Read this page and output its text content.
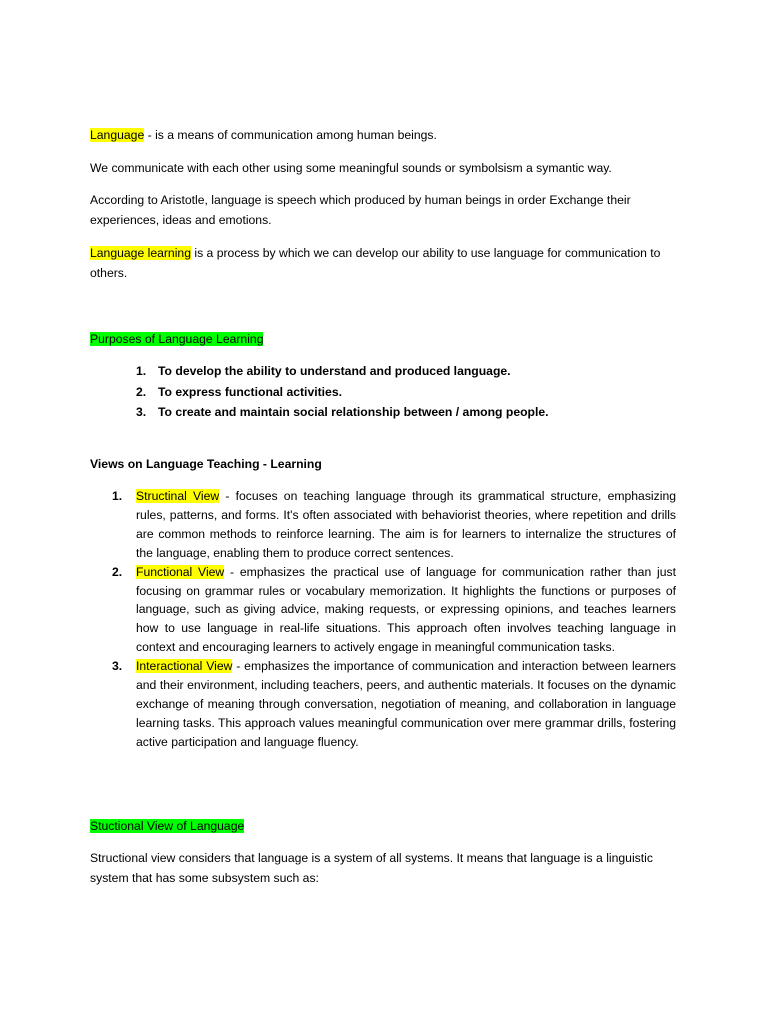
Language - is a means of communication among human beings.

We communicate with each other using some meaningful sounds or symbolsism a symantic way.

According to Aristotle, language is speech which produced by human beings in order Exchange their experiences, ideas and emotions.

Language learning is a process by which we can develop our ability to use language for communication to others.

Purposes of Language Learning

1. To develop the ability to understand and produced language.
2. To express functional activities.
3. To create and maintain social relationship between / among people.

Views on Language Teaching - Learning

1. Structinal View - focuses on teaching language through its grammatical structure, emphasizing rules, patterns, and forms. It's often associated with behaviorist theories, where repetition and drills are common methods to reinforce learning. The aim is for learners to internalize the structures of the language, enabling them to produce correct sentences.
2. Functional View - emphasizes the practical use of language for communication rather than just focusing on grammar rules or vocabulary memorization. It highlights the functions or purposes of language, such as giving advice, making requests, or expressing opinions, and teaches learners how to use language in real-life situations. This approach often involves teaching language in context and encouraging learners to actively engage in meaningful communication tasks.
3. Interactional View - emphasizes the importance of communication and interaction between learners and their environment, including teachers, peers, and authentic materials. It focuses on the dynamic exchange of meaning through conversation, negotiation of meaning, and collaboration in language learning tasks. This approach values meaningful communication over mere grammar drills, fostering active participation and language fluency.

Stuctional View of Language

Structional view considers that language is a system of all systems. It means that language is a linguistic system that has some subsystem such as:
